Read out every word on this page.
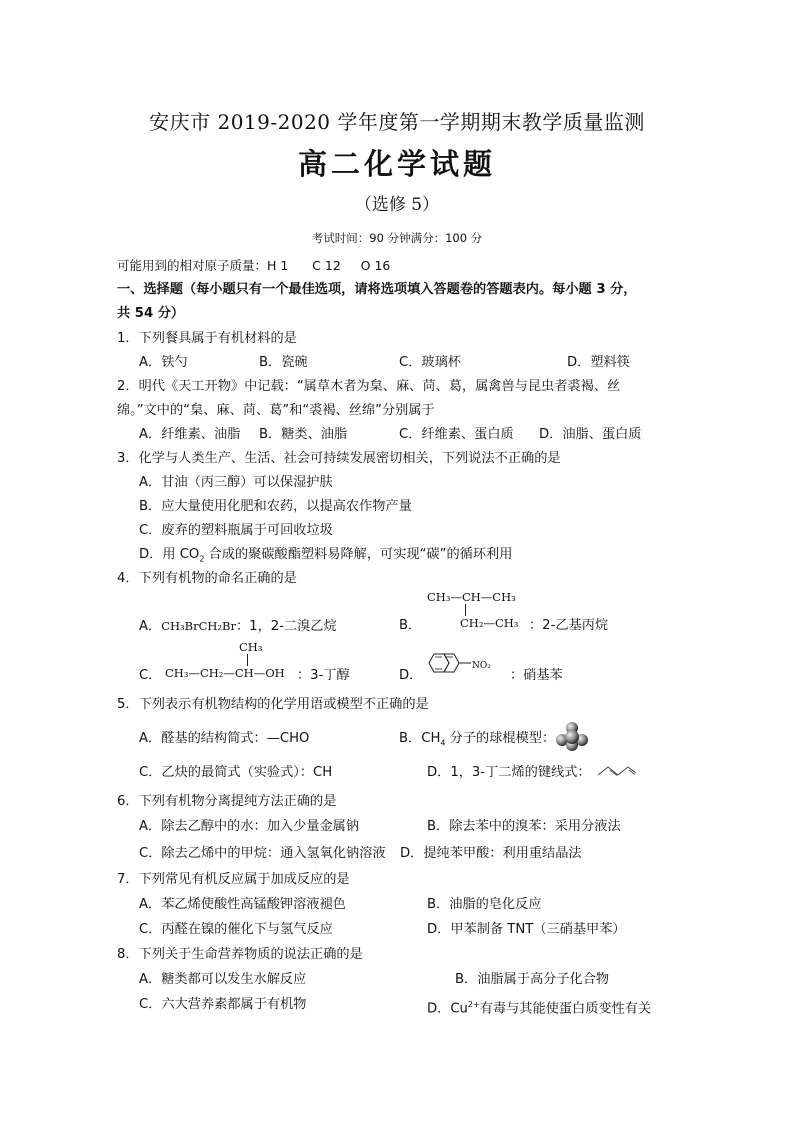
安庆市 2019-2020 学年度第一学期期末教学质量监测
高二化学试题
（选修 5）
考试时间：90 分钟满分：100 分
可能用到的相对原子质量：H 1      C 12     O 16
一、选择题（每小题只有一个最佳选项，请将选项填入答题卷的答题表内。每小题 3 分，
共 54 分）
1．下列餐具属于有机材料的是
A．铁勺	B．瓷碗	C．玻璃杯	D．塑料筷
2．明代《天工开物》中记载：“属草木者为枲、麻、苘、葛，属禽兽与昆虫者裘褐、丝
绵。”文中的“枲、麻、苘、葛”和“裘褐、丝绵”分别属于
A．纤维素、油脂 B．糖类、油脂	C．纤维素、蛋白质 D．油脂、蛋白质
3．化学与人类生产、生活、社会可持续发展密切相关，下列说法不正确的是
A．甘油（丙三醇）可以保湿护肤
B．应大量使用化肥和农药，以提高农作物产量
C．废弃的塑料瓶属于可回收垃圾
D．用 $CO_2$ 合成的聚碳酸酯塑料易降解，可实现“碳”的循环利用
4．下列有机物的命名正确的是
A．CH₃BrCH₂Br：1，2-二溴乙烷	B．
CH₃—CH—CH₃
CH₂—CH₃ ：2-乙基丙烷
C．
CH₃
CH₃—CH₂—CH—OH ：3-丁醇	D．
NO₂
：硝基苯
5．下列表示有机物结构的化学用语或模型不正确的是
A．醛基的结构简式：—CHO	B．$CH_4$ 分子的球棍模型：
C．乙炔的最简式（实验式）：CH	D．1，3-丁二烯的键线式：
6．下列有机物分离提纯方法正确的是
A．除去乙醇中的水：加入少量金属钠	B．除去苯中的溴苯：采用分液法
C．除去乙烯中的甲烷：通入氢氧化钠溶液 D．提纯苯甲酸：利用重结晶法
7．下列常见有机反应属于加成反应的是
A．苯乙烯使酸性高锰酸钾溶液褪色	B．油脂的皂化反应
C．丙醛在镍的催化下与氢气反应	D．甲苯制备 TNT（三硝基甲苯）
8．下列关于生命营养物质的说法正确的是
A．糖类都可以发生水解反应	B．油脂属于高分子化合物
C．六大营养素都属于有机物	D．$Cu^{2+}$有毒与其能使蛋白质变性有关
